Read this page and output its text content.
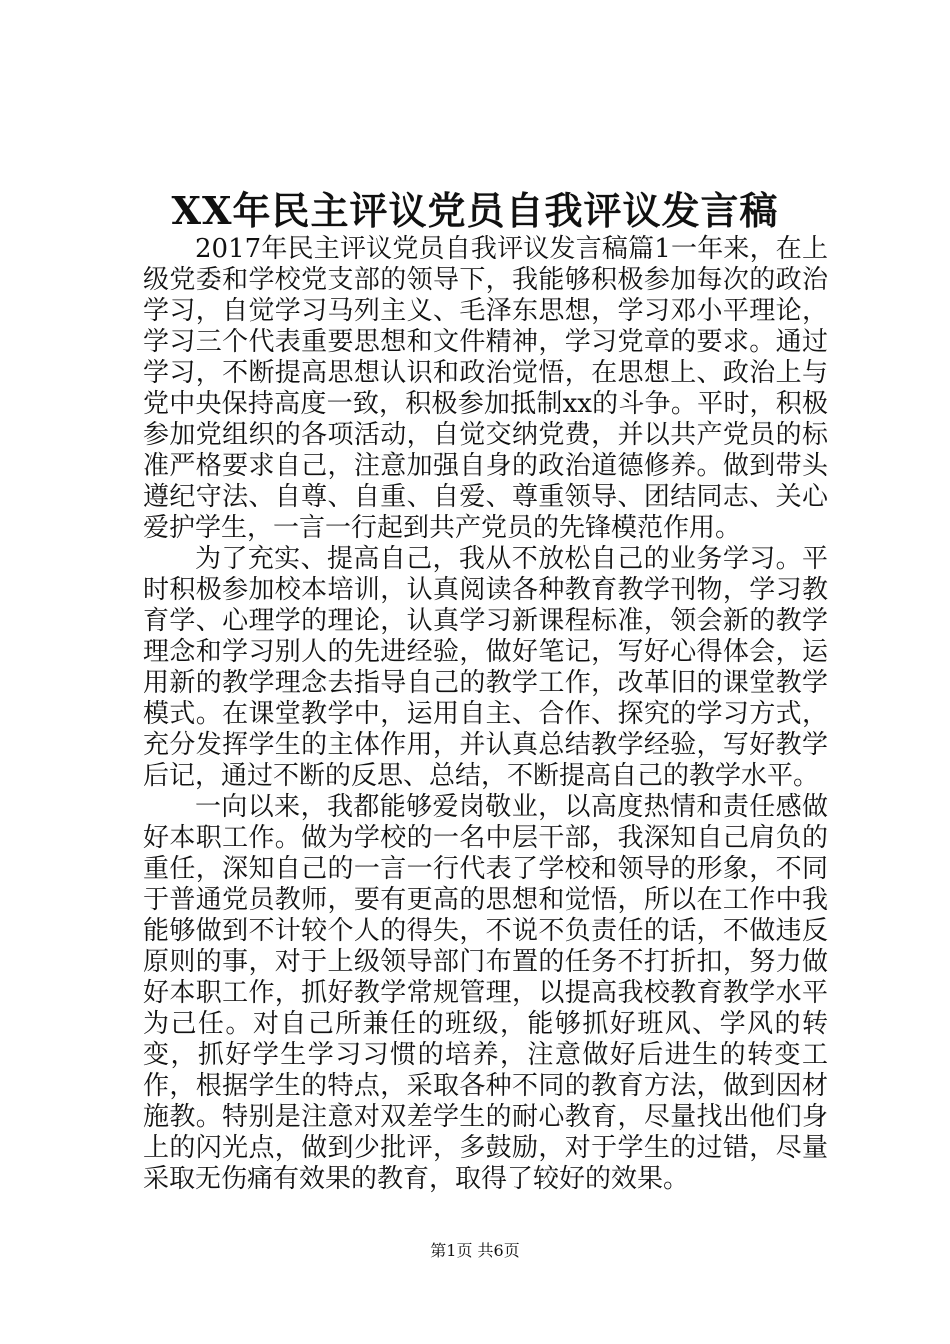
XX年民主评议党员自我评议发言稿

2017年民主评议党员自我评议发言稿篇1一年来，在上级党委和学校党支部的领导下，我能够积极参加每次的政治学习，自觉学习马列主义、毛泽东思想，学习邓小平理论，学习三个代表重要思想和文件精神，学习党章的要求。通过学习，不断提高思想认识和政治觉悟，在思想上、政治上与党中央保持高度一致，积极参加抵制xx的斗争。平时，积极参加党组织的各项活动，自觉交纳党费，并以共产党员的标准严格要求自己，注意加强自身的政治道德修养。做到带头遵纪守法、自尊、自重、自爱、尊重领导、团结同志、关心爱护学生，一言一行起到共产党员的先锋模范作用。

为了充实、提高自己，我从不放松自己的业务学习。平时积极参加校本培训，认真阅读各种教育教学刊物，学习教育学、心理学的理论，认真学习新课程标准，领会新的教学理念和学习别人的先进经验，做好笔记，写好心得体会，运用新的教学理念去指导自己的教学工作，改革旧的课堂教学模式。在课堂教学中，运用自主、合作、探究的学习方式，充分发挥学生的主体作用，并认真总结教学经验，写好教学后记，通过不断的反思、总结，不断提高自己的教学水平。

一向以来，我都能够爱岗敬业，以高度热情和责任感做好本职工作。做为学校的一名中层干部，我深知自己肩负的重任，深知自己的一言一行代表了学校和领导的形象，不同于普通党员教师，要有更高的思想和觉悟，所以在工作中我能够做到不计较个人的得失，不说不负责任的话，不做违反原则的事，对于上级领导部门布置的任务不打折扣，努力做好本职工作，抓好教学常规管理，以提高我校教育教学水平为己任。对自己所兼任的班级，能够抓好班风、学风的转变，抓好学生学习习惯的培养，注意做好后进生的转变工作，根据学生的特点，采取各种不同的教育方法，做到因材施教。特别是注意对双差学生的耐心教育，尽量找出他们身上的闪光点，做到少批评，多鼓励，对于学生的过错，尽量采取无伤痛有效果的教育，取得了较好的效果。

第1页 共6页
